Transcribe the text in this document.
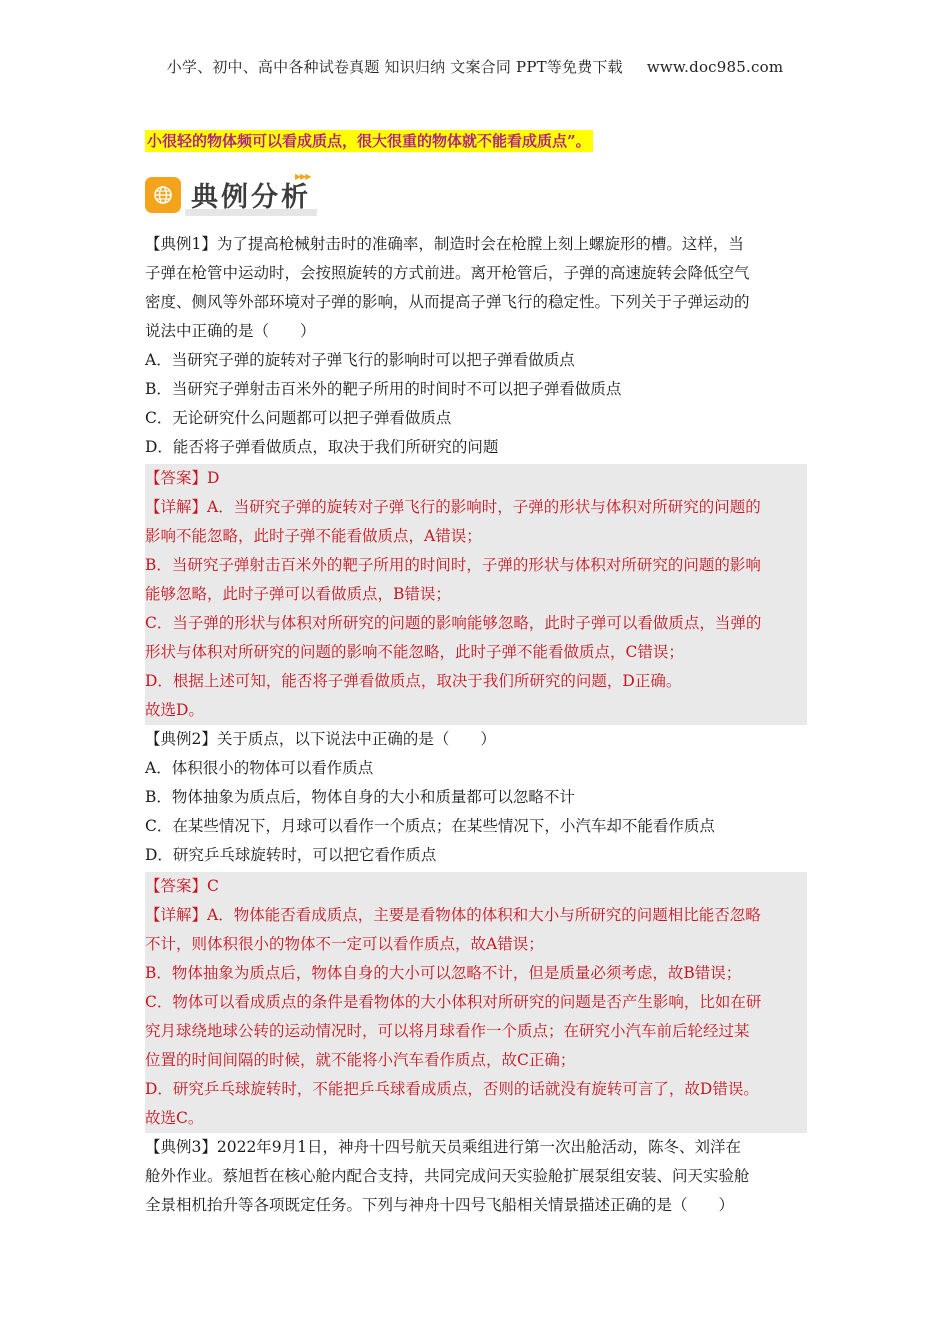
小学、初中、高中各种试卷真题 知识归纳 文案合同 PPT等免费下载 www.doc985.com
小很轻的物体频可以看成质点，很大很重的物体就不能看成质点”。
典例分析
▶▶▶

【典例1】为了提高枪械射击时的准确率，制造时会在枪膛上刻上螺旋形的槽。这样，当

子弹在枪管中运动时，会按照旋转的方式前进。离开枪管后，子弹的高速旋转会降低空气

密度、侧风等外部环境对子弹的影响，从而提高子弹飞行的稳定性。下列关于子弹运动的

说法中正确的是（　　）

A．当研究子弹的旋转对子弹飞行的影响时可以把子弹看做质点

B．当研究子弹射击百米外的靶子所用的时间时不可以把子弹看做质点

C．无论研究什么问题都可以把子弹看做质点

D．能否将子弹看做质点，取决于我们所研究的问题

【答案】D

【详解】A．当研究子弹的旋转对子弹飞行的影响时，子弹的形状与体积对所研究的问题的

影响不能忽略，此时子弹不能看做质点，A错误；

B．当研究子弹射击百米外的靶子所用的时间时，子弹的形状与体积对所研究的问题的影响

能够忽略，此时子弹可以看做质点，B错误；

C．当子弹的形状与体积对所研究的问题的影响能够忽略，此时子弹可以看做质点，当弹的

形状与体积对所研究的问题的影响不能忽略，此时子弹不能看做质点，C错误；

D．根据上述可知，能否将子弹看做质点，取决于我们所研究的问题，D正确。

故选D。

【典例2】关于质点，以下说法中正确的是（　　）

A．体积很小的物体可以看作质点

B．物体抽象为质点后，物体自身的大小和质量都可以忽略不计

C．在某些情况下，月球可以看作一个质点；在某些情况下，小汽车却不能看作质点

D．研究乒乓球旋转时，可以把它看作质点

【答案】C

【详解】A．物体能否看成质点，主要是看物体的体积和大小与所研究的问题相比能否忽略

不计，则体积很小的物体不一定可以看作质点，故A错误；

B．物体抽象为质点后，物体自身的大小可以忽略不计，但是质量必须考虑，故B错误；

C．物体可以看成质点的条件是看物体的大小体积对所研究的问题是否产生影响，比如在研

究月球绕地球公转的运动情况时，可以将月球看作一个质点；在研究小汽车前后轮经过某

位置的时间间隔的时候，就不能将小汽车看作质点，故C正确；

D．研究乒乓球旋转时，不能把乒乓球看成质点，否则的话就没有旋转可言了，故D错误。

故选C。

【典例3】2022年9月1日，神舟十四号航天员乘组进行第一次出舱活动，陈冬、刘洋在

舱外作业。蔡旭哲在核心舱内配合支持，共同完成问天实验舱扩展泵组安装、问天实验舱

全景相机抬升等各项既定任务。下列与神舟十四号飞船相关情景描述正确的是（　　）
